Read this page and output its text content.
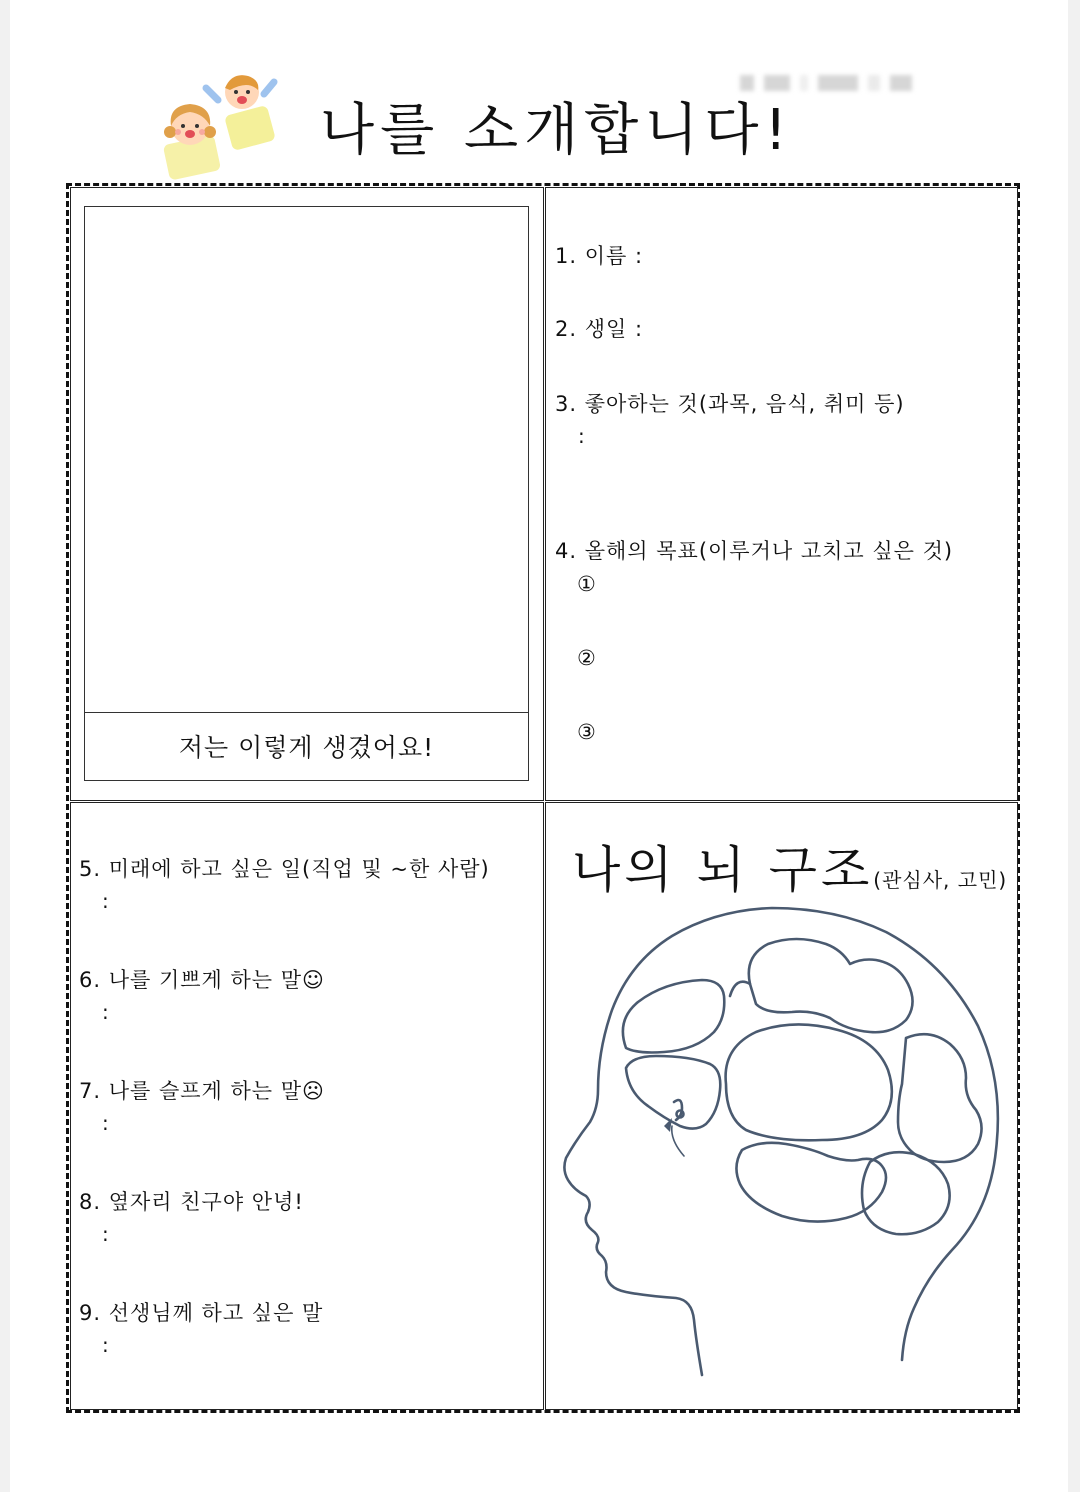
나를 소개합니다!
저는 이렇게 생겼어요!
1. 이름 :
2. 생일 :
3. 좋아하는 것(과목, 음식, 취미 등)
:
4. 올해의 목표(이루거나 고치고 싶은 것)
①
②
③
5. 미래에 하고 싶은 일(직업 및 ~한 사람)
:
6. 나를 기쁘게 하는 말☺
:
7. 나를 슬프게 하는 말☹
:
8. 옆자리 친구야 안녕!
:
9. 선생님께 하고 싶은 말
:
나의 뇌 구조(관심사, 고민)
